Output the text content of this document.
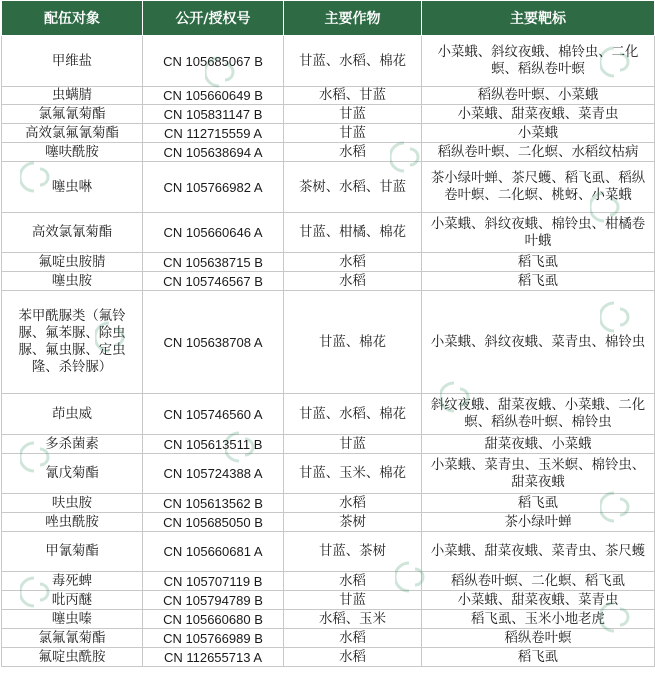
配伍对象	公开/授权号	主要作物	主要靶标
甲维盐	CN 105685067 B	甘蓝、水稻、棉花	小菜蛾、斜纹夜蛾、棉铃虫、二化螟、稻纵卷叶螟
虫螨腈	CN 105660649 B	水稻、甘蓝	稻纵卷叶螟、小菜蛾
氯氟氰菊酯	CN 105831147 B	甘蓝	小菜蛾、甜菜夜蛾、菜青虫
高效氯氟氰菊酯	CN 112715559 A	甘蓝	小菜蛾
噻呋酰胺	CN 105638694 A	水稻	稻纵卷叶螟、二化螟、水稻纹枯病
噻虫啉	CN 105766982 A	茶树、水稻、甘蓝	茶小绿叶蝉、茶尺蠖、稻飞虱、稻纵卷叶螟、二化螟、桃蚜、小菜蛾
高效氯氰菊酯	CN 105660646 A	甘蓝、柑橘、棉花	小菜蛾、斜纹夜蛾、棉铃虫、柑橘卷叶蛾
氟啶虫胺腈	CN 105638715 B	水稻	稻飞虱
噻虫胺	CN 105746567 B	水稻	稻飞虱
苯甲酰脲类（氟铃脲、氟苯脲、除虫脲、氟虫脲、定虫隆、杀铃脲）	CN 105638708 A	甘蓝、棉花	小菜蛾、斜纹夜蛾、菜青虫、棉铃虫
茚虫威	CN 105746560 A	甘蓝、水稻、棉花	斜纹夜蛾、甜菜夜蛾、小菜蛾、二化螟、稻纵卷叶螟、棉铃虫
多杀菌素	CN 105613511 B	甘蓝	甜菜夜蛾、小菜蛾
氰戊菊酯	CN 105724388 A	甘蓝、玉米、棉花	小菜蛾、菜青虫、玉米螟、棉铃虫、甜菜夜蛾
呋虫胺	CN 105613562 B	水稻	稻飞虱
唑虫酰胺	CN 105685050 B	茶树	茶小绿叶蝉
甲氰菊酯	CN 105660681 A	甘蓝、茶树	小菜蛾、甜菜夜蛾、菜青虫、茶尺蠖
毒死蜱	CN 105707119 B	水稻	稻纵卷叶螟、二化螟、稻飞虱
吡丙醚	CN 105794789 B	甘蓝	小菜蛾、甜菜夜蛾、菜青虫
噻虫嗪	CN 105660680 B	水稻、玉米	稻飞虱、玉米小地老虎
氯氟氰菊酯	CN 105766989 B	水稻	稻纵卷叶螟
氟啶虫酰胺	CN 112655713 A	水稻	稻飞虱
